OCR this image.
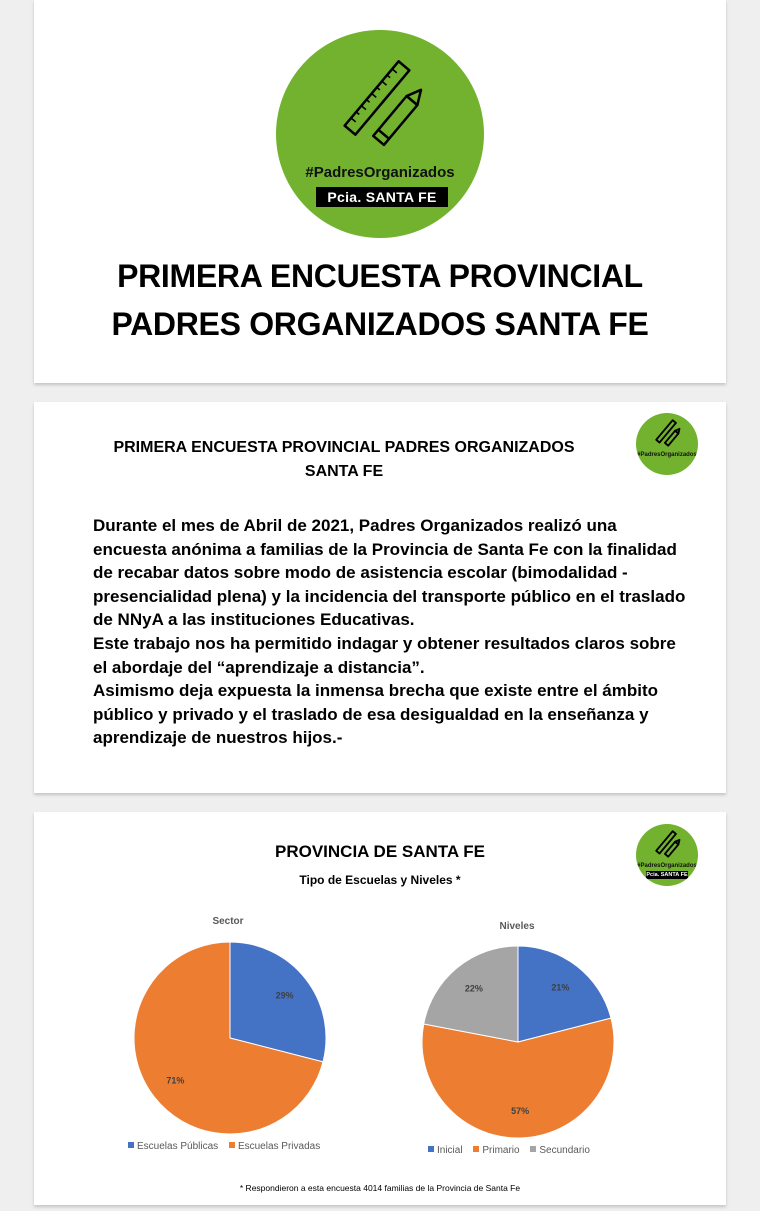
#PadresOrganizados
Pcia. SANTA FE
PRIMERA ENCUESTA PROVINCIAL
PADRES ORGANIZADOS SANTA FE
PRIMERA ENCUESTA PROVINCIAL PADRES ORGANIZADOS
SANTA FE
#PadresOrganizados

Durante el mes de Abril de 2021, Padres Organizados realizó una encuesta anónima a familias de la Provincia de Santa Fe con la finalidad de recabar datos sobre modo de asistencia escolar (bimodalidad - presencialidad plena) y la incidencia del transporte público en el traslado de NNyA a las instituciones Educativas.

Este trabajo nos ha permitido indagar y obtener resultados claros sobre el abordaje del “aprendizaje a distancia”.

Asimismo deja expuesta la inmensa brecha que existe entre el ámbito público y privado y el traslado de esa desigualdad en la enseñanza y aprendizaje de nuestros hijos.-

PROVINCIA DE SANTA FE
Tipo de Escuelas y Niveles *
#PadresOrganizados
Pcia. SANTA FE
Sector
29%
71%
Escuelas Públicas Escuelas Privadas
Niveles
21%
57%
22%
Inicial Primario Secundario
* Respondieron a esta encuesta 4014 familias de la Provincia de Santa Fe
